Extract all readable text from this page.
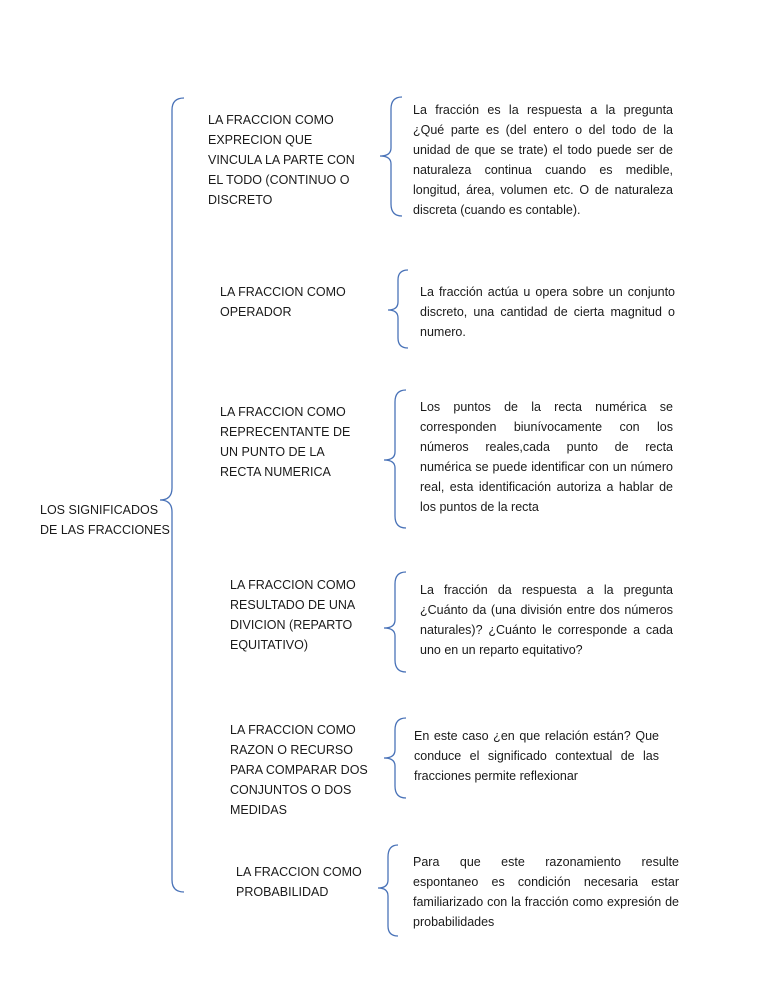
LOS SIGNIFICADOS DE LAS FRACCIONES
LA FRACCION COMO
EXPRECION QUE
VINCULA LA PARTE CON
EL TODO (CONTINUO O
DISCRETO
La fracción es la respuesta a la pregunta ¿Qué parte es (del entero o del todo de la unidad de que se trate) el todo puede ser de naturaleza continua cuando es medible, longitud, área, volumen etc. O de naturaleza discreta (cuando es contable).
LA FRACCION COMO
OPERADOR
La fracción actúa u opera sobre un conjunto discreto, una cantidad de cierta magnitud o numero.
LA FRACCION COMO
REPRECENTANTE DE
UN PUNTO DE LA
RECTA NUMERICA
Los puntos de la recta numérica se corresponden biunívocamente con los números reales,cada punto de recta numérica se puede identificar con un número real, esta identificación autoriza a hablar de los puntos de la recta
LA FRACCION COMO
RESULTADO DE UNA
DIVICION (REPARTO
EQUITATIVO)
La fracción da respuesta a la pregunta ¿Cuánto da (una división entre dos números naturales)? ¿Cuánto le corresponde a cada uno en un reparto equitativo?
LA FRACCION COMO
RAZON O RECURSO
PARA COMPARAR DOS
CONJUNTOS O DOS
MEDIDAS
En este caso ¿en que relación están? Que conduce el significado contextual de las fracciones permite reflexionar
LA FRACCION COMO
PROBABILIDAD
Para que este razonamiento resulte espontaneo es condición necesaria estar familiarizado con la fracción como expresión de probabilidades
